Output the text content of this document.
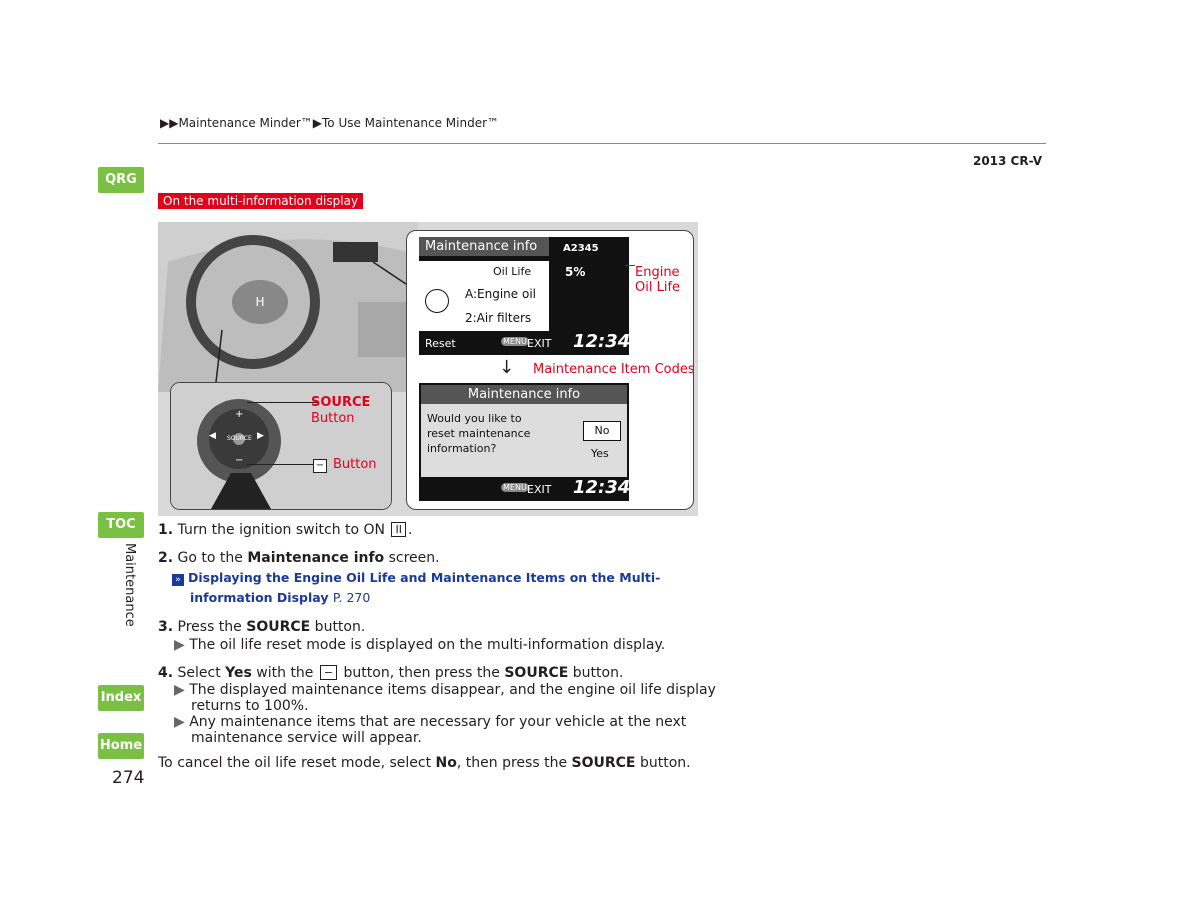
▶▶Maintenance Minder™▶To Use Maintenance Minder™
2013 CR-V
QRG
TOC
Maintenance
Index
Home
274
On the multi-information display
H
+
◀	▶
SOURCE
−
SOURCE
Button
− Button
Maintenance info	A2345
Oil Life
A:Engine oil
2:Air filters
5%
Reset	MENU EXIT 12:34
Engine
Oil Life
↓ Maintenance Item Codes
Maintenance info
Would you like to reset maintenance information?
No
Yes
MENU EXIT 12:34
1. Turn the ignition switch to ON II .
2. Go to the Maintenance info screen.
» Displaying the Engine Oil Life and Maintenance Items on the Multi-information Display P. 270
3. Press the SOURCE button.

▶ The oil life reset mode is displayed on the multi-information display.

4. Select Yes with the − button, then press the SOURCE button.

▶ The displayed maintenance items disappear, and the engine oil life display returns to 100%.

▶ Any maintenance items that are necessary for your vehicle at the next maintenance service will appear.

To cancel the oil life reset mode, select No, then press the SOURCE button.
